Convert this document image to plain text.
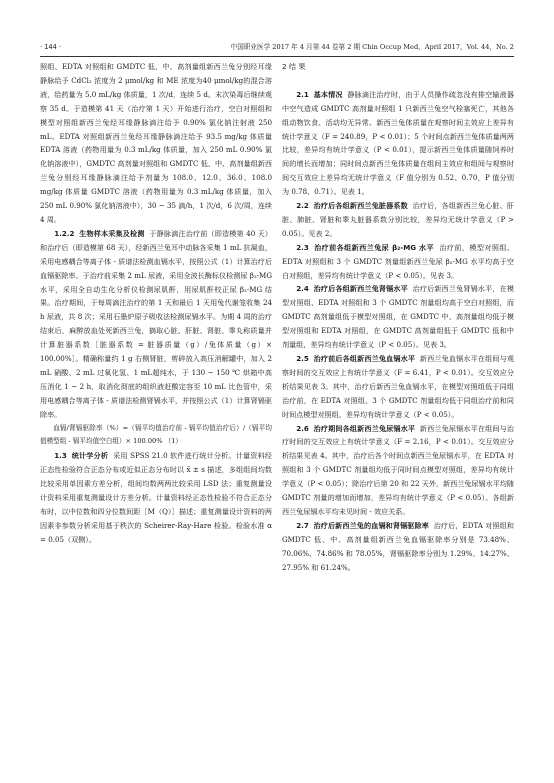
· 144 ·	中国职业医学 2017 年 4 月第 44 卷第 2 期 Chin Occup Med，April 2017，Vol. 44，No. 2

照组、EDTA 对照组和 GMDTC 低、中、高剂量组新西兰兔分别经耳缘静脉给予 CdCl₂ 浓度为 2 μmol/kg 和 ME 浓度为40 μmol/kg的混合溶液，给药量为 5.0 mL/kg 体质量，1 次/d，连续 5 d。末次染毒后继续观察 35 d。于造模第 41 天（治疗第 1 天）开始进行治疗，空白对照组和模型对照组新西兰兔经耳缘静脉滴注给予 0.90% 氯化钠注射液 250 mL。EDTA 对照组新西兰兔经耳缘静脉滴注给予 93.5 mg/kg 体质量EDTA 溶液（药物用量为 0.3 mL/kg 体质量，加入 250 mL 0.90% 氯化钠溶液中），GMDTC 高剂量对照组和 GMDTC 低、中、高剂量组新西兰兔分别经耳缘静脉滴注给予剂量为 108.0、12.0、36.0、108.0 mg/kg 体质量 GMDTC 溶液（药物用量为 0.3 mL/kg 体质量，加入 250 mL 0.90% 氯化钠溶液中），30 ~ 35 滴/h，1 次/d，6 次/周，连续 4 周。

1.2.2 生物样本采集及检测 于静脉滴注治疗前（即造模第 40 天）和治疗后（即造模第 68 天），经新西兰兔耳中动脉各采集 1 mL 抗凝血，采用电感耦合等离子体 - 质谱法检测血镉水平，按照公式（1）计算治疗后血镉驱除率。于治疗前采集 2 mL 尿液，采用全波长酶标仪检测尿 β₂-MG 水平，采用全自动生化分析仪检测尿肌酐，用尿肌酐校正尿 β₂-MG 结果。治疗期间，于每周滴注治疗的第 1 天和最后 1 天用兔代谢笼收集 24 h 尿液，共 8 次；采用石墨炉原子吸收法检测尿镉水平。为期 4 周的治疗结束后，麻醉放血处死新西兰兔，摘取心脏、肝脏、肾脏、睾丸称质量并计算脏器系数［脏器系数 = 脏器质量（g）/兔体质量（g）× 100.00%］。精确称量约 1 g 右侧肾脏，剪碎放入高压消解罐中，加入 2 mL 硝酸、2 mL 过氧化氢、1 mL超纯水，于 130 ~ 150 ℃ 烘箱中高压消化 1 ~ 2 h，取消化彻底的组织液赶酸定容至 10 mL 比色管中，采用电感耦合等离子体 - 质谱法检测肾镉水平，并按照公式（1）计算肾镉驱除率。

血镉/肾镉驱除率（%）=（镉平均值治疗前 - 镉平均值治疗后）/（镉平均值模型组 - 镉平均值空白组）× 100.00% （1）

1.3 统计学分析 采用 SPSS 21.0 软件进行统计分析。计量资料经正态性检验符合正态分布或近似正态分布时以 x̄ ± s 描述，多组组间均数比较采用单因素方差分析，组间均数两两比较采用 LSD 法；重复测量设计资料采用重复测量设计方差分析。计量资料经正态性检验不符合正态分布时，以中位数和四分位数间距［M（Q）］描述；重复测量设计资料的两因素非参数分析采用基于秩次的 Scheirer-Ray-Hare 检验。检验水准 α = 0.05（双侧）。

2 结 果

2.1 基本情况 静脉滴注治疗时，由于人员操作疏忽没有排空输液器中空气造成 GMDTC 高剂量对照组 1 只新西兰兔空气栓塞死亡，其他各组动物饮食、活动均无异常。新西兰兔体质量在观察时间主效应上差异有统计学意义（F = 240.89，P < 0.01）；5 个时间点新西兰兔体质量两两比较，差异均有统计学意义（P < 0.01），提示新西兰兔体质量随饲养时间的增长而增加；同时间点新西兰兔体质量在组间主效应和组间与观察时间交互效应上差异均无统计学意义（F 值分别为 0.52、0.70，P 值分别为 0.78、0.71）。见表 1。

2.2 治疗后各组新西兰兔脏器系数 治疗后，各组新西兰兔心脏、肝脏、肺脏、肾脏和睾丸脏器系数分别比较，差异均无统计学意义（P > 0.05）。见表 2。

2.3 治疗前各组新西兰兔尿 β₂-MG 水平 治疗前，模型对照组、EDTA 对照组和 3 个 GMDTC 剂量组新西兰兔尿 β₂-MG 水平均高于空白对照组，差异均有统计学意义（P < 0.05）。见表 3。

2.4 治疗后各组新西兰兔肾镉水平 治疗后新西兰兔肾镉水平，在模型对照组、EDTA 对照组和 3 个 GMDTC 剂量组均高于空白对照组，而 GMDTC 高剂量组低于模型对照组，在 GMDTC 中、高剂量组均低于模型对照组和 EDTA 对照组，在 GMDTC 高剂量组低于 GMDTC 低和中剂量组，差异均有统计学意义（P < 0.05）。见表 3。

2.5 治疗前后各组新西兰兔血镉水平 新西兰兔血镉水平在组间与观察时间的交互效应上有统计学意义（F = 6.41，P < 0.01）。交互效应分析结果见表 3。其中，治疗后新西兰兔血镉水平，在模型对照组低于同组治疗前，在 EDTA 对照组、3 个 GMDTC 剂量组均低于同组治疗前和同时间点模型对照组，差异均有统计学意义（P < 0.05）。

2.6 治疗期间各组新西兰兔尿镉水平 新西兰兔尿镉水平在组间与治疗时间的交互效应上有统计学意义（F = 2.16，P < 0.01）。交互效应分析结果见表 4。其中，治疗后各个时间点新西兰兔尿镉水平，在 EDTA 对照组和 3 个 GMDTC 剂量组均低于同时间点模型对照组，差异均有统计学意义（P < 0.05）；除治疗后第 20 和 22 天外，新西兰兔尿镉水平均随 GMDTC 剂量的增加而增加，差异均有统计学意义（P < 0.05）。各组新西兰兔尿镉水平均未见时间 - 效应关系。

2.7 治疗后新西兰兔的血镉和肾镉驱除率 治疗后，EDTA 对照组和 GMDTC 低、中、高剂量组新西兰兔血镉驱除率分别是 73.48%、70.06%、74.86% 和 78.05%，肾镉驱除率分别为 1.29%、14.27%、27.95% 和 61.24%。
